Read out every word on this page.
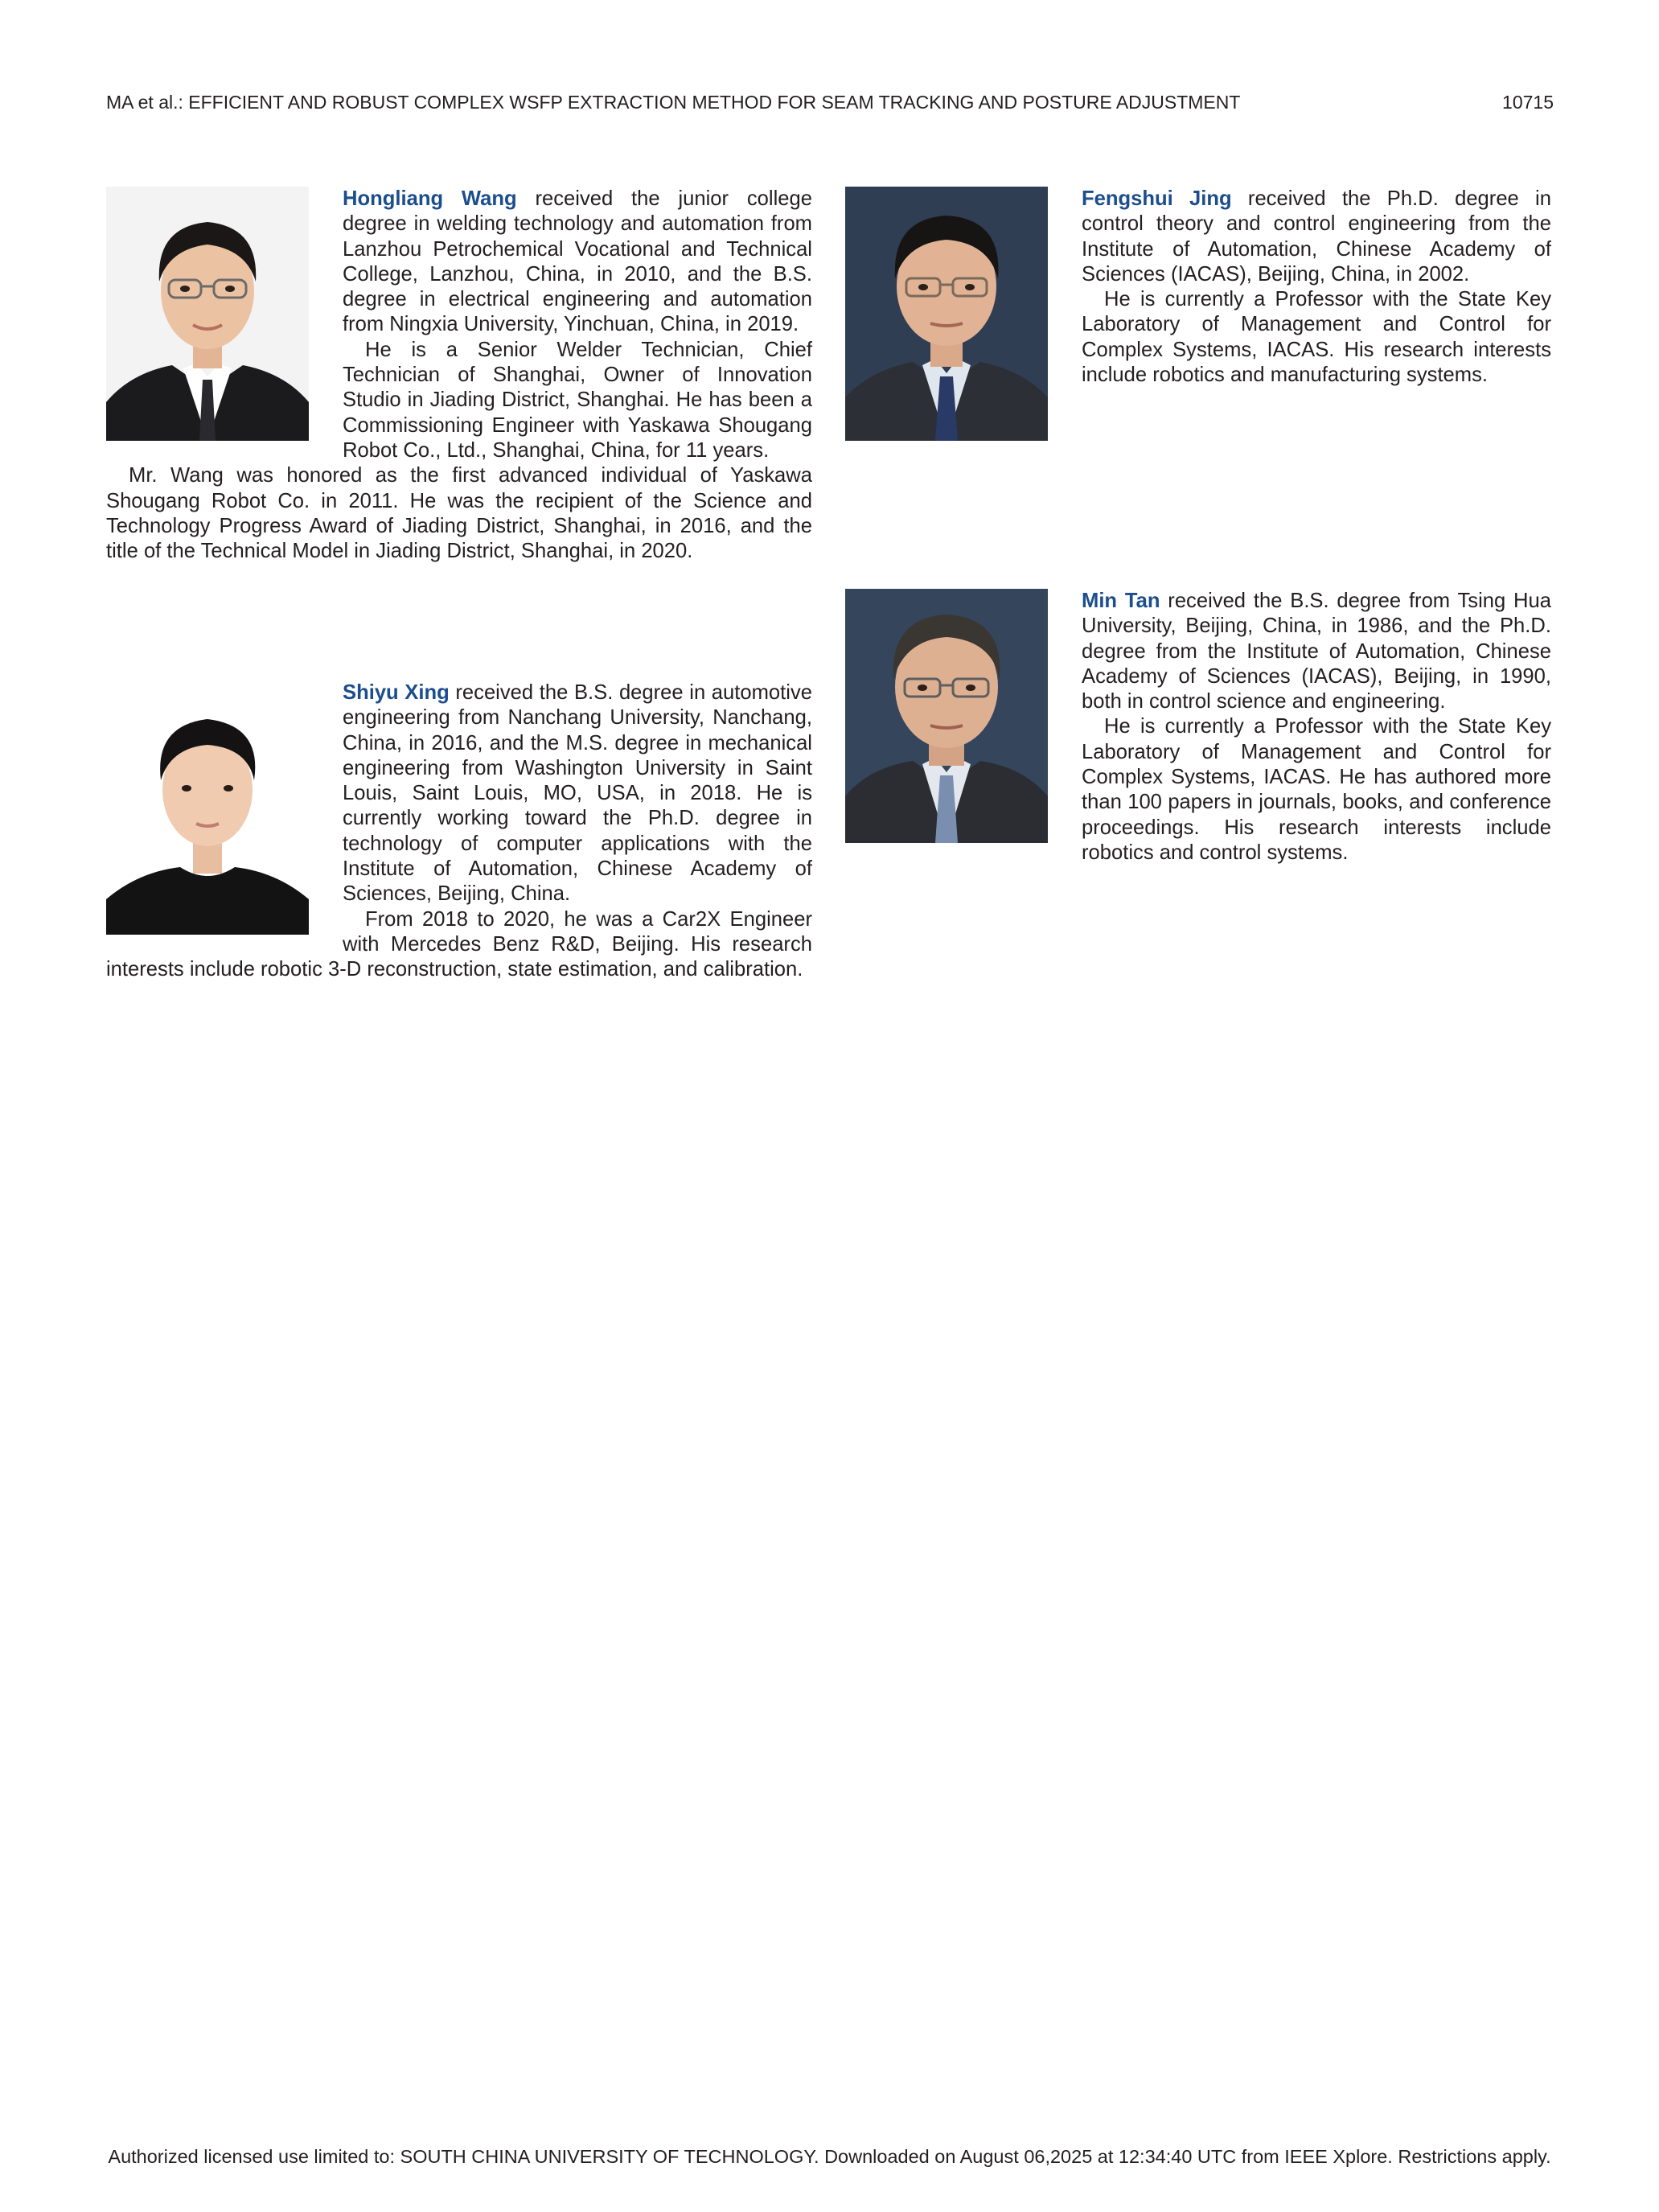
MA et al.: EFFICIENT AND ROBUST COMPLEX WSFP EXTRACTION METHOD FOR SEAM TRACKING AND POSTURE ADJUSTMENT	10715

Hongliang Wang received the junior college degree in welding technology and automation from Lanzhou Petrochemical Vocational and Technical College, Lanzhou, China, in 2010, and the B.S. degree in electrical engineering and automation from Ningxia University, Yinchuan, China, in 2019.

He is a Senior Welder Technician, Chief Technician of Shanghai, Owner of Innovation Studio in Jiading District, Shanghai. He has been a Commissioning Engineer with Yaskawa Shougang Robot Co., Ltd., Shanghai, China, for 11 years.

Mr. Wang was honored as the first advanced individual of Yaskawa Shougang Robot Co. in 2011. He was the recipient of the Science and Technology Progress Award of Jiading District, Shanghai, in 2016, and the title of the Technical Model in Jiading District, Shanghai, in 2020.

Shiyu Xing received the B.S. degree in automotive engineering from Nanchang University, Nanchang, China, in 2016, and the M.S. degree in mechanical engineering from Washington University in Saint Louis, Saint Louis, MO, USA, in 2018. He is currently working toward the Ph.D. degree in technology of computer applications with the Institute of Automation, Chinese Academy of Sciences, Beijing, China.

From 2018 to 2020, he was a Car2X Engineer with Mercedes Benz R&D, Beijing. His research interests include robotic 3-D reconstruction, state estimation, and calibration.

Fengshui Jing received the Ph.D. degree in control theory and control engineering from the Institute of Automation, Chinese Academy of Sciences (IACAS), Beijing, China, in 2002.

He is currently a Professor with the State Key Laboratory of Management and Control for Complex Systems, IACAS. His research interests include robotics and manufacturing systems.

Min Tan received the B.S. degree from Tsing Hua University, Beijing, China, in 1986, and the Ph.D. degree from the Institute of Automation, Chinese Academy of Sciences (IACAS), Beijing, in 1990, both in control science and engineering.

He is currently a Professor with the State Key Laboratory of Management and Control for Complex Systems, IACAS. He has authored more than 100 papers in journals, books, and conference proceedings. His research interests include robotics and control systems.

Authorized licensed use limited to: SOUTH CHINA UNIVERSITY OF TECHNOLOGY. Downloaded on August 06,2025 at 12:34:40 UTC from IEEE Xplore. Restrictions apply.
